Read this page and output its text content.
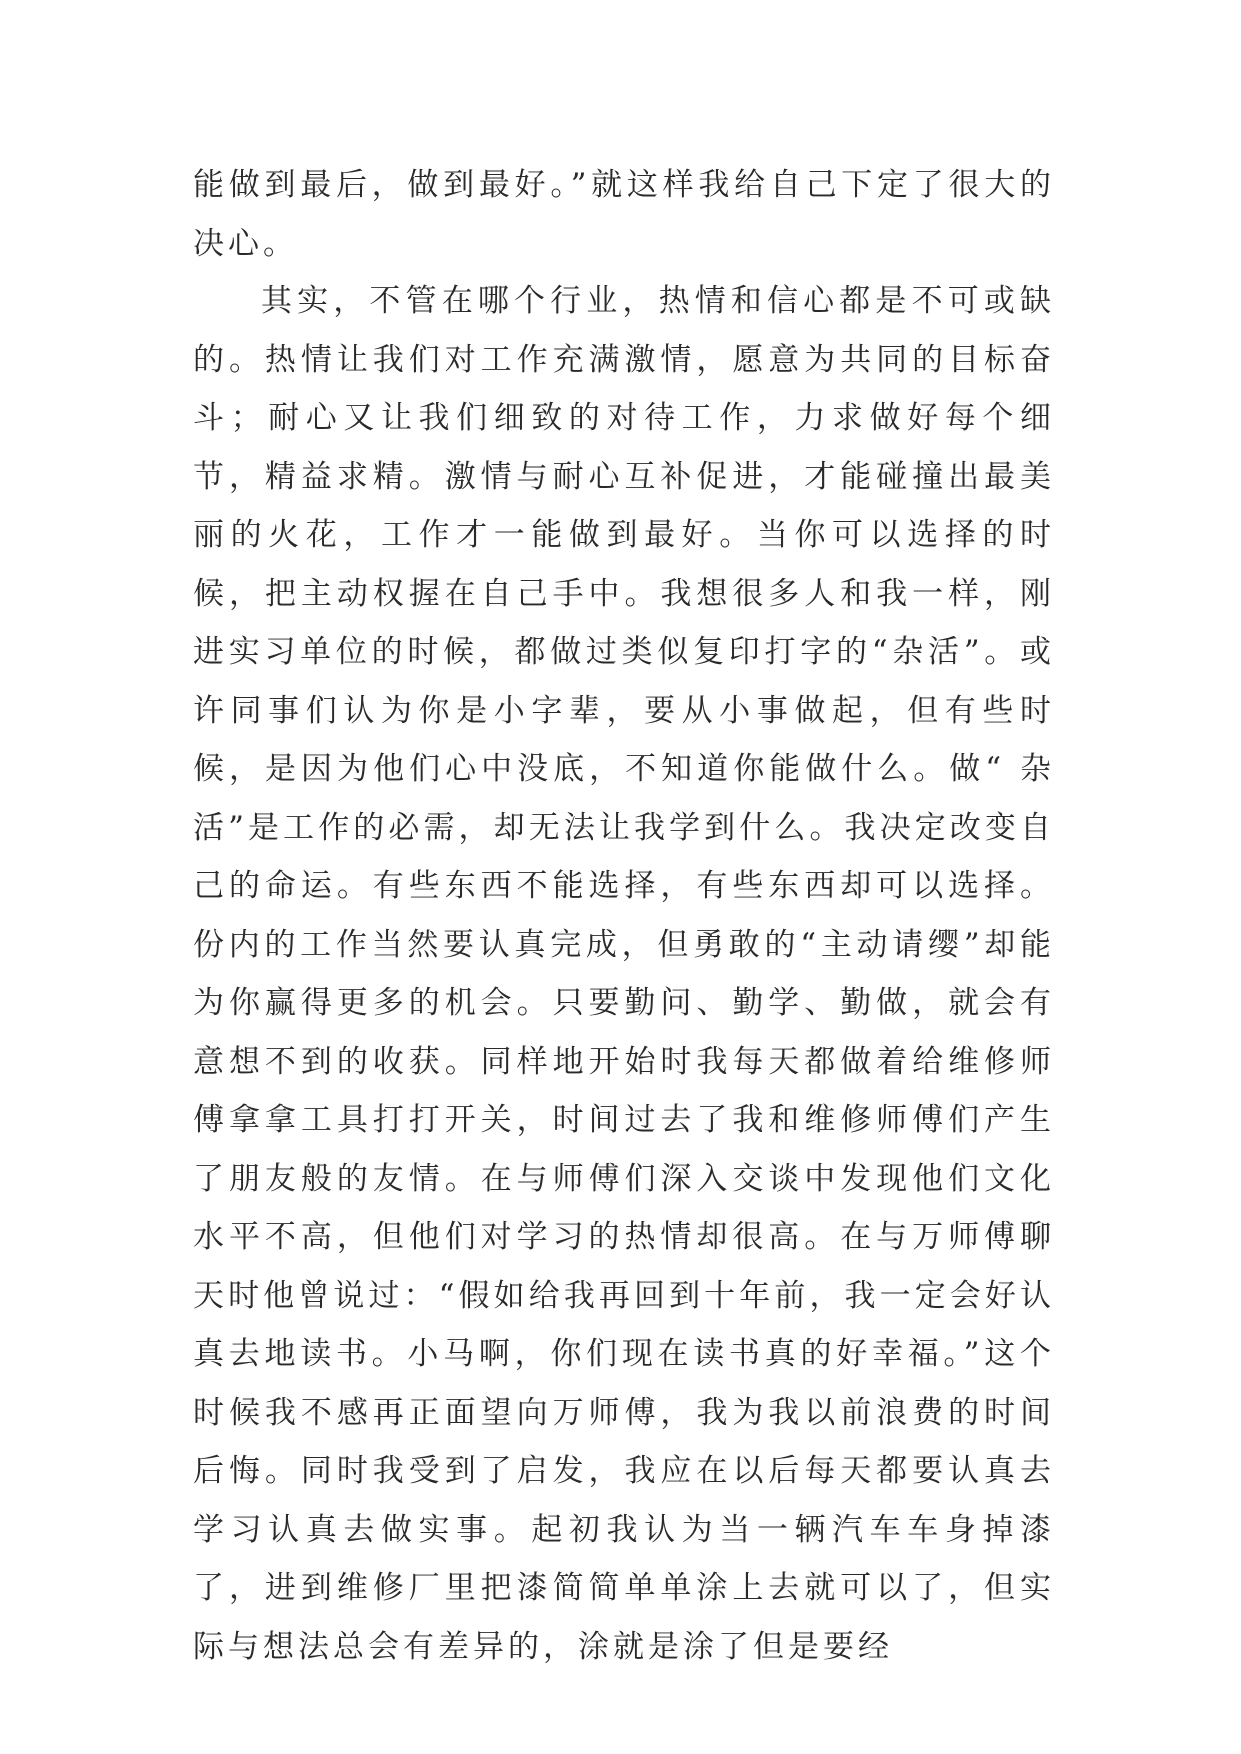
能做到最后，做到最好。”就这样我给自己下定了很大的决心。

其实，不管在哪个行业，热情和信心都是不可或缺的。热情让我们对工作充满激情，愿意为共同的目标奋斗；耐心又让我们细致的对待工作，力求做好每个细节，精益求精。激情与耐心互补促进，才能碰撞出最美丽的火花，工作才一能做到最好。当你可以选择的时候，把主动权握在自己手中。我想很多人和我一样，刚进实习单位的时候，都做过类似复印打字的“杂活”。或许同事们认为你是小字辈，要从小事做起，但有些时候，是因为他们心中没底，不知道你能做什么。做“ 杂活”是工作的必需，却无法让我学到什么。我决定改变自己的命运。有些东西不能选择，有些东西却可以选择。份内的工作当然要认真完成，但勇敢的“主动请缨”却能为你赢得更多的机会。只要勤问、勤学、勤做，就会有意想不到的收获。同样地开始时我每天都做着给维修师傅拿拿工具打打开关，时间过去了我和维修师傅们产生了朋友般的友情。在与师傅们深入交谈中发现他们文化水平不高，但他们对学习的热情却很高。在与万师傅聊天时他曾说过：“假如给我再回到十年前，我一定会好认真去地读书。小马啊，你们现在读书真的好幸福。”这个时候我不感再正面望向万师傅，我为我以前浪费的时间后悔。同时我受到了启发，我应在以后每天都要认真去学习认真去做实事。起初我认为当一辆汽车车身掉漆了，进到维修厂里把漆简简单单涂上去就可以了，但实际与想法总会有差异的，涂就是涂了但是要经
